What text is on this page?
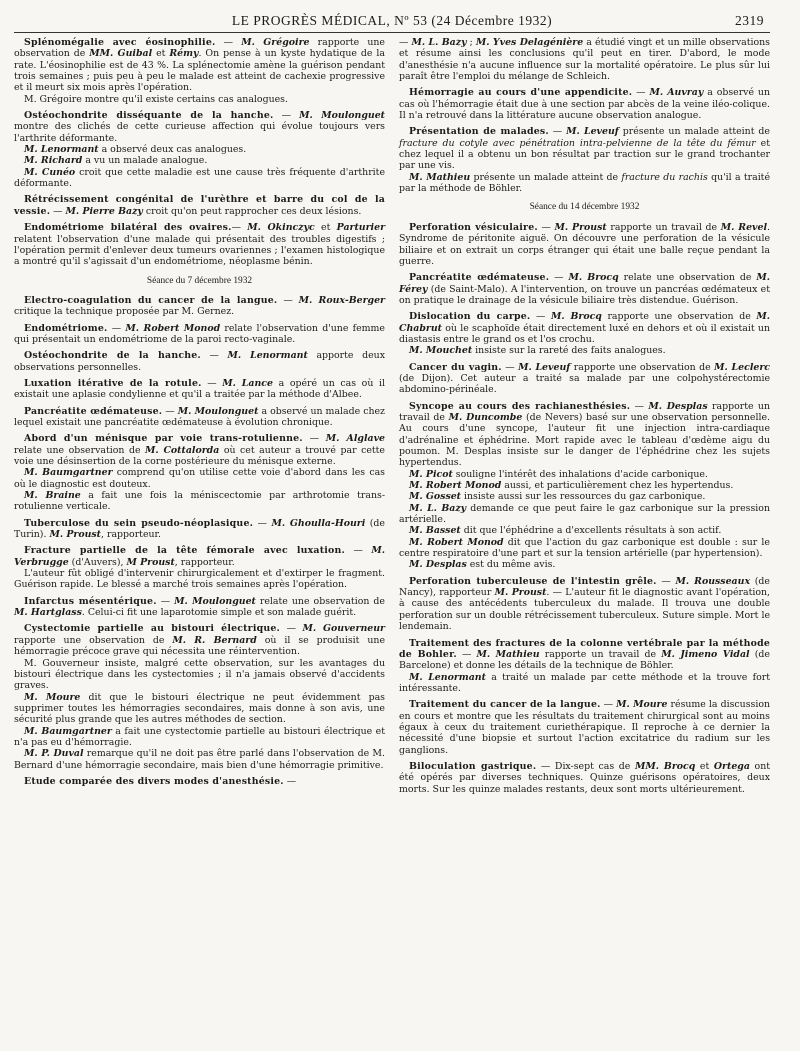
LE PROGRÈS MÉDICAL, Nº 53 (24 Décembre 1932)	2319

Splénomégalie avec éosinophilie. — M. Grégoire rapporte une observation de MM. Guibal et Rémy. On pense à un kyste hydatique de la rate. L'éosinophilie est de 43 %. La splénectomie amène la guérison pendant trois semaines ; puis peu à peu le malade est atteint de cachexie progressive et il meurt six mois après l'opération.

M. Grégoire montre qu'il existe certains cas analogues.

Ostéochondrite disséquante de la hanche. — M. Moulonguet montre des clichés de cette curieuse affection qui évolue toujours vers l'arthrite déformante.

M. Lenormant a observé deux cas analogues.

M. Richard a vu un malade analogue.

M. Cunéo croit que cette maladie est une cause très fréquente d'arthrite déformante.

Rétrécissement congénital de l'urèthre et barre du col de la vessie. — M. Pierre Bazy croit qu'on peut rapprocher ces deux lésions.

Endométriome bilatéral des ovaires.— M. Okinczyc et Parturier relatent l'observation d'une malade qui présentait des troubles digestifs ; l'opération permit d'enlever deux tumeurs ovariennes ; l'examen histologique a montré qu'il s'agissait d'un endométriome, néoplasme bénin.

Séance du 7 décembre 1932

Electro-coagulation du cancer de la langue. — M. Roux-Berger critique la technique proposée par M. Gernez.

Endométriome. — M. Robert Monod relate l'observation d'une femme qui présentait un endométriome de la paroi recto-vaginale.

Ostéochondrite de la hanche. — M. Lenormant apporte deux observations personnelles.

Luxation itérative de la rotule. — M. Lance a opéré un cas où il existait une aplasie condylienne et qu'il a traitée par la méthode d'Albee.

Pancréatite œdémateuse. — M. Moulonguet a observé un malade chez lequel existait une pancréatite œdémateuse à évolution chronique.

Abord d'un ménisque par voie trans-rotulienne. — M. Alglave relate une observation de M. Cottalorda où cet auteur a trouvé par cette voie une désinsertion de la corne postérieure du ménisque externe.

M. Baumgartner comprend qu'on utilise cette voie d'abord dans les cas où le diagnostic est douteux.

M. Braine a fait une fois la méniscectomie par arthrotomie trans-rotulienne verticale.

Tuberculose du sein pseudo-néoplasique. — M. Ghoulla-Houri (de Turin). M. Proust, rapporteur.

Fracture partielle de la tête fémorale avec luxation. — M. Verbrugge (d'Auvers), M Proust, rapporteur.

L'auteur fût obligé d'intervenir chirurgicalement et d'extirper le fragment. Guérison rapide. Le blessé a marché trois semaines après l'opération.

Infarctus mésentérique. — M. Moulonguet relate une observation de M. Hartglass. Celui-ci fit une laparotomie simple et son malade guérit.

Cystectomie partielle au bistouri électrique. — M. Gouverneur rapporte une observation de M. R. Bernard où il se produisit une hémorragie précoce grave qui nécessita une réintervention.

M. Gouverneur insiste, malgré cette observation, sur les avantages du bistouri électrique dans les cystectomies ; il n'a jamais observé d'accidents graves.

M. Moure dit que le bistouri électrique ne peut évidemment pas supprimer toutes les hémorragies secondaires, mais donne à son avis, une sécurité plus grande que les autres méthodes de section.

M. Baumgartner a fait une cystectomie partielle au bistouri électrique et n'a pas eu d'hémorragie.

M. P. Duval remarque qu'il ne doit pas être parlé dans l'observation de M. Bernard d'une hémorragie secondaire, mais bien d'une hémorragie primitive.

Etude comparée des divers modes d'anesthésie. —

— M. L. Bazy ; M. Yves Delagénière a étudié vingt et un mille observations et résume ainsi les conclusions qu'il peut en tirer. D'abord, le mode d'anesthésie n'a aucune influence sur la mortalité opératoire. Le plus sûr lui paraît être l'emploi du mélange de Schleich.

Hémorragie au cours d'une appendicite. — M. Auvray a observé un cas où l'hémorragie était due à une section par abcès de la veine iléo-colique. Il n'a retrouvé dans la littérature aucune observation analogue.

Présentation de malades. — M. Leveuf présente un malade atteint de fracture du cotyle avec pénétration intra-pelvienne de la tête du fémur et chez lequel il a obtenu un bon résultat par traction sur le grand trochanter par une vis.

M. Mathieu présente un malade atteint de fracture du rachis qu'il a traité par la méthode de Böhler.

Séance du 14 décembre 1932

Perforation vésiculaire. — M. Proust rapporte un travail de M. Revel. Syndrome de péritonite aiguë. On découvre une perforation de la vésicule biliaire et on extrait un corps étranger qui était une balle reçue pendant la guerre.

Pancréatite œdémateuse. — M. Brocq relate une observation de M. Férey (de Saint-Malo). A l'intervention, on trouve un pancréas œdémateux et on pratique le drainage de la vésicule biliaire très distendue. Guérison.

Dislocation du carpe. — M. Brocq rapporte une observation de M. Chabrut où le scaphoïde était directement luxé en dehors et où il existait un diastasis entre le grand os et l'os crochu.

M. Mouchet insiste sur la rareté des faits analogues.

Cancer du vagin. — M. Leveuf rapporte une observation de M. Leclerc (de Dijon). Cet auteur a traité sa malade par une colpohystérectomie abdomino-périnéale.

Syncope au cours des rachianesthésies. — M. Desplas rapporte un travail de M. Duncombe (de Nevers) basé sur une observation personnelle. Au cours d'une syncope, l'auteur fit une injection intra-cardiaque d'adrénaline et éphédrine. Mort rapide avec le tableau d'œdème aigu du poumon. M. Desplas insiste sur le danger de l'éphédrine chez les sujets hypertendus.

M. Picot souligne l'intérêt des inhalations d'acide carbonique.

M. Robert Monod aussi, et particulièrement chez les hypertendus.

M. Gosset insiste aussi sur les ressources du gaz carbonique.

M. L. Bazy demande ce que peut faire le gaz carbonique sur la pression artérielle.

M. Basset dit que l'éphédrine a d'excellents résultats à son actif.

M. Robert Monod dit que l'action du gaz carbonique est double : sur le centre respiratoire d'une part et sur la tension artérielle (par hypertension).

M. Desplas est du même avis.

Perforation tuberculeuse de l'intestin grêle. — M. Rousseaux (de Nancy), rapporteur M. Proust. — L'auteur fit le diagnostic avant l'opération, à cause des antécédents tuberculeux du malade. Il trouva une double perforation sur un double rétrécissement tuberculeux. Suture simple. Mort le lendemain.

Traitement des fractures de la colonne vertébrale par la méthode de Bohler. — M. Mathieu rapporte un travail de M. Jimeno Vidal (de Barcelone) et donne les détails de la technique de Böhler.

M. Lenormant a traité un malade par cette méthode et la trouve fort intéressante.

Traitement du cancer de la langue. — M. Moure résume la discussion en cours et montre que les résultats du traitement chirurgical sont au moins égaux à ceux du traitement curiethérapique. Il reproche à ce dernier la nécessité d'une biopsie et surtout l'action excitatrice du radium sur les ganglions.

Biloculation gastrique. — Dix-sept cas de MM. Brocq et Ortega ont été opérés par diverses techniques. Quinze guérisons opératoires, deux morts. Sur les quinze malades restants, deux sont morts ultérieurement.
